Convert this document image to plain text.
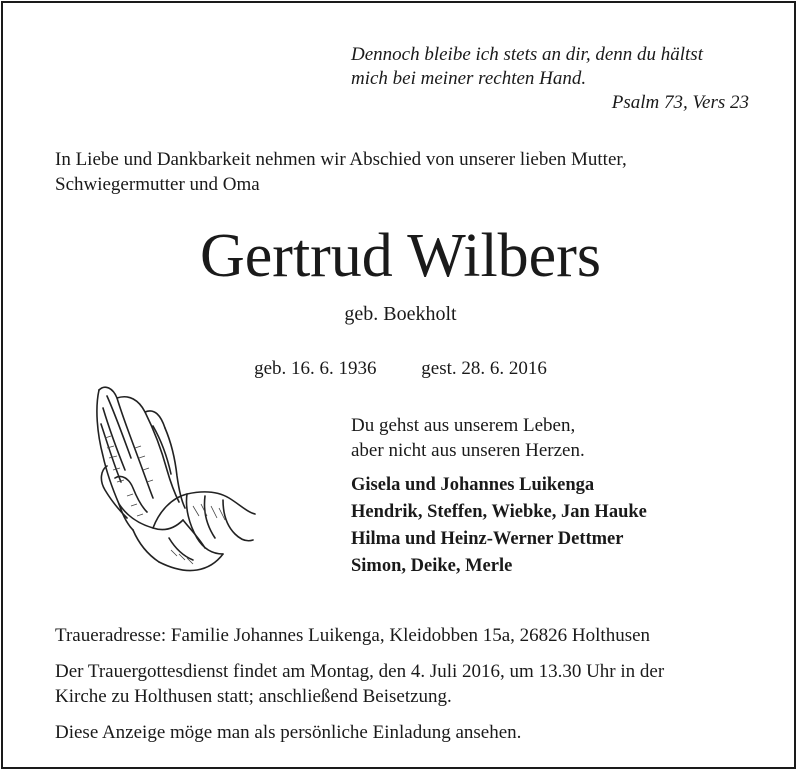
Dennoch bleibe ich stets an dir, denn du hältst
mich bei meiner rechten Hand.
Psalm 73, Vers 23
In Liebe und Dankbarkeit nehmen wir Abschied von unserer lieben Mutter,
Schwiegermutter und Oma
Gertrud Wilbers
geb. Boekholt
geb. 16. 6. 1936 gest. 28. 6. 2016
Du gehst aus unserem Leben,
aber nicht aus unseren Herzen.
Gisela und Johannes Luikenga
Hendrik, Steffen, Wiebke, Jan Hauke
Hilma und Heinz-Werner Dettmer
Simon, Deike, Merle
Traueradresse: Familie Johannes Luikenga, Kleidobben 15a, 26826 Holthusen
Der Trauergottesdienst findet am Montag, den 4. Juli 2016, um 13.30 Uhr in der
Kirche zu Holthusen statt; anschließend Beisetzung.
Diese Anzeige möge man als persönliche Einladung ansehen.
